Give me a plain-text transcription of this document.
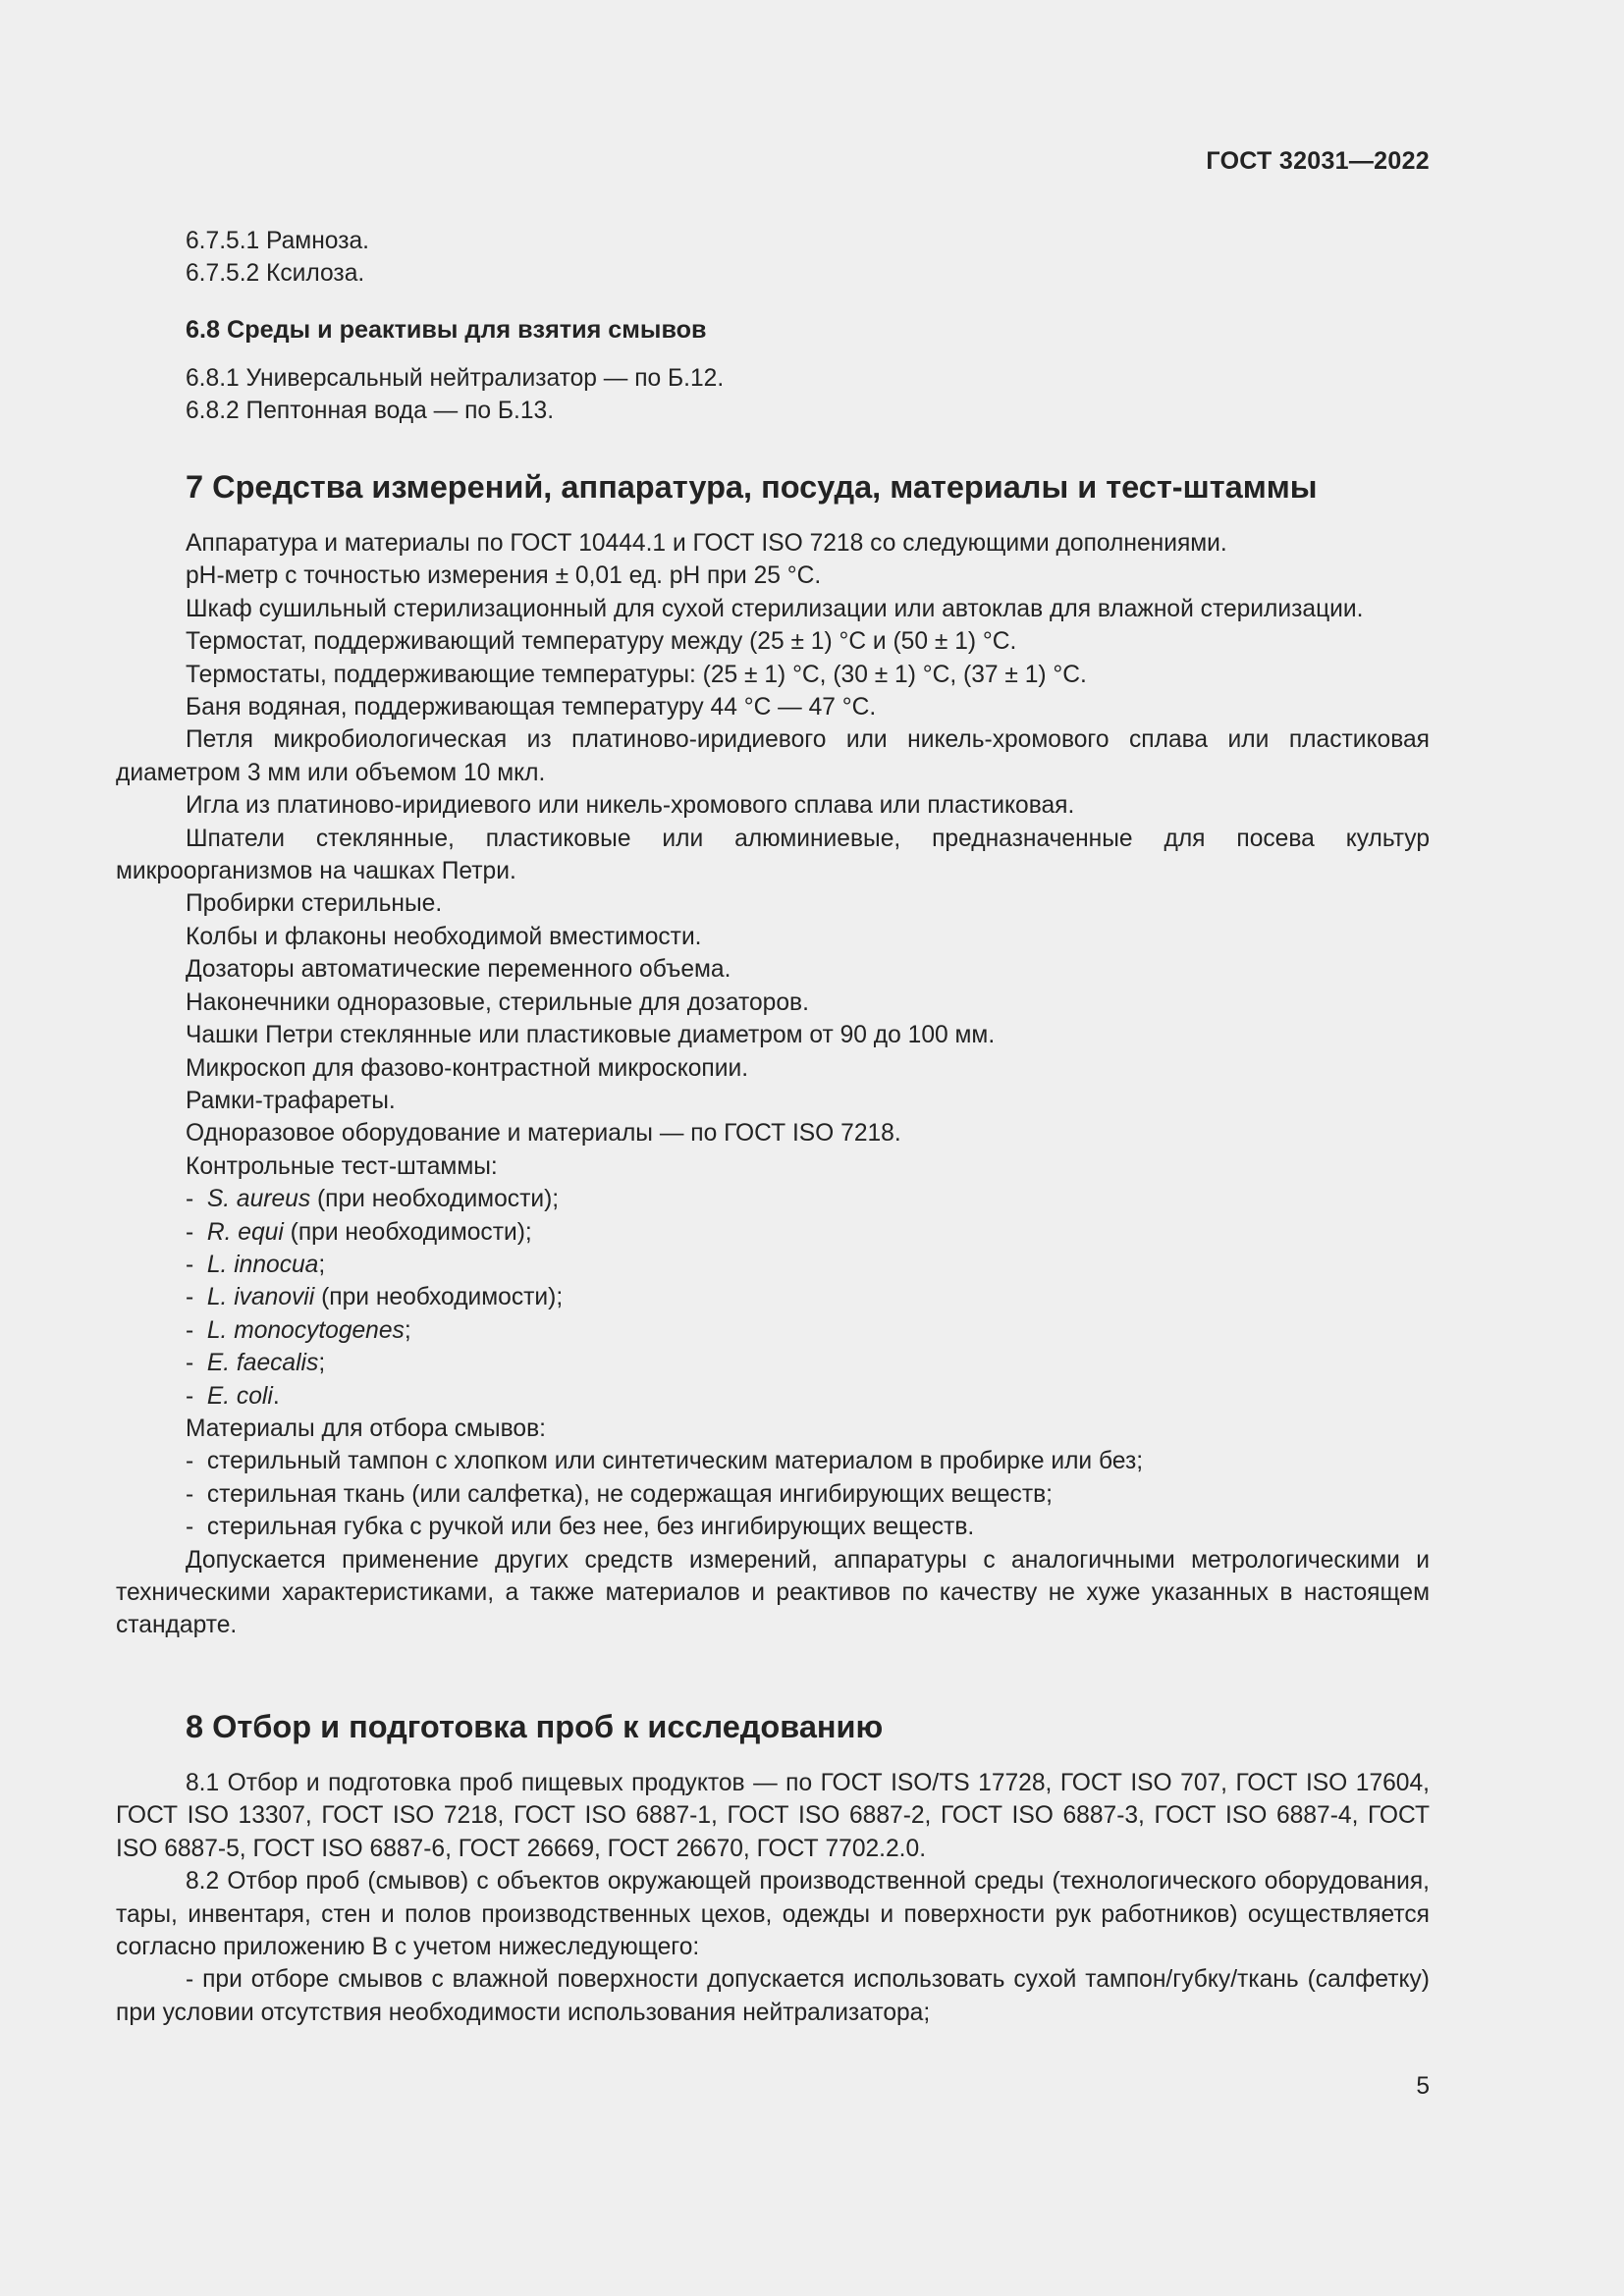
ГОСТ 32031—2022

6.7.5.1 Рамноза.

6.7.5.2 Ксилоза.

6.8 Среды и реактивы для взятия смывов

6.8.1 Универсальный нейтрализатор — по Б.12.

6.8.2 Пептонная вода — по Б.13.

7 Средства измерений, аппаратура, посуда, материалы и тест-штаммы

Аппаратура и материалы по ГОСТ 10444.1 и ГОСТ ISO 7218 со следующими дополнениями.

pH-метр с точностью измерения ± 0,01 ед. pH при 25 °С.

Шкаф сушильный стерилизационный для сухой стерилизации или автоклав для влажной стерилизации.

Термостат, поддерживающий температуру между (25 ± 1) °С и (50 ± 1) °С.

Термостаты, поддерживающие температуры: (25 ± 1) °С, (30 ± 1) °С, (37 ± 1) °С.

Баня водяная, поддерживающая температуру 44 °С — 47 °С.

Петля микробиологическая из платиново-иридиевого или никель-хромового сплава или пластиковая диаметром 3 мм или объемом 10 мкл.

Игла из платиново-иридиевого или никель-хромового сплава или пластиковая.

Шпатели стеклянные, пластиковые или алюминиевые, предназначенные для посева культур микроорганизмов на чашках Петри.

Пробирки стерильные.

Колбы и флаконы необходимой вместимости.

Дозаторы автоматические переменного объема.

Наконечники одноразовые, стерильные для дозаторов.

Чашки Петри стеклянные или пластиковые диаметром от 90 до 100 мм.

Микроскоп для фазово-контрастной микроскопии.

Рамки-трафареты.

Одноразовое оборудование и материалы — по ГОСТ ISO 7218.

Контрольные тест-штаммы:

-  S. aureus (при необходимости);

-  R. equi (при необходимости);

-  L. innocua;

-  L. ivanovii (при необходимости);

-  L. monocytogenes;

-  E. faecalis;

-  E. coli.

Материалы для отбора смывов:

-  стерильный тампон с хлопком или синтетическим материалом в пробирке или без;

-  стерильная ткань (или салфетка), не содержащая ингибирующих веществ;

-  стерильная губка с ручкой или без нее, без ингибирующих веществ.

Допускается применение других средств измерений, аппаратуры с аналогичными метрологическими и техническими характеристиками, а также материалов и реактивов по качеству не хуже указанных в настоящем стандарте.

8 Отбор и подготовка проб к исследованию

8.1 Отбор и подготовка проб пищевых продуктов — по ГОСТ ISO/TS 17728, ГОСТ ISO 707, ГОСТ ISO 17604, ГОСТ ISO 13307, ГОСТ ISO 7218, ГОСТ ISO 6887-1, ГОСТ ISO 6887-2, ГОСТ ISO 6887-3, ГОСТ ISO 6887-4, ГОСТ ISO 6887-5, ГОСТ ISO 6887-6, ГОСТ 26669, ГОСТ 26670, ГОСТ 7702.2.0.

8.2 Отбор проб (смывов) с объектов окружающей производственной среды (технологического оборудования, тары, инвентаря, стен и полов производственных цехов, одежды и поверхности рук работников) осуществляется согласно приложению В с учетом нижеследующего:

- при отборе смывов с влажной поверхности допускается использовать сухой тампон/губку/ткань (салфетку) при условии отсутствия необходимости использования нейтрализатора;

5
